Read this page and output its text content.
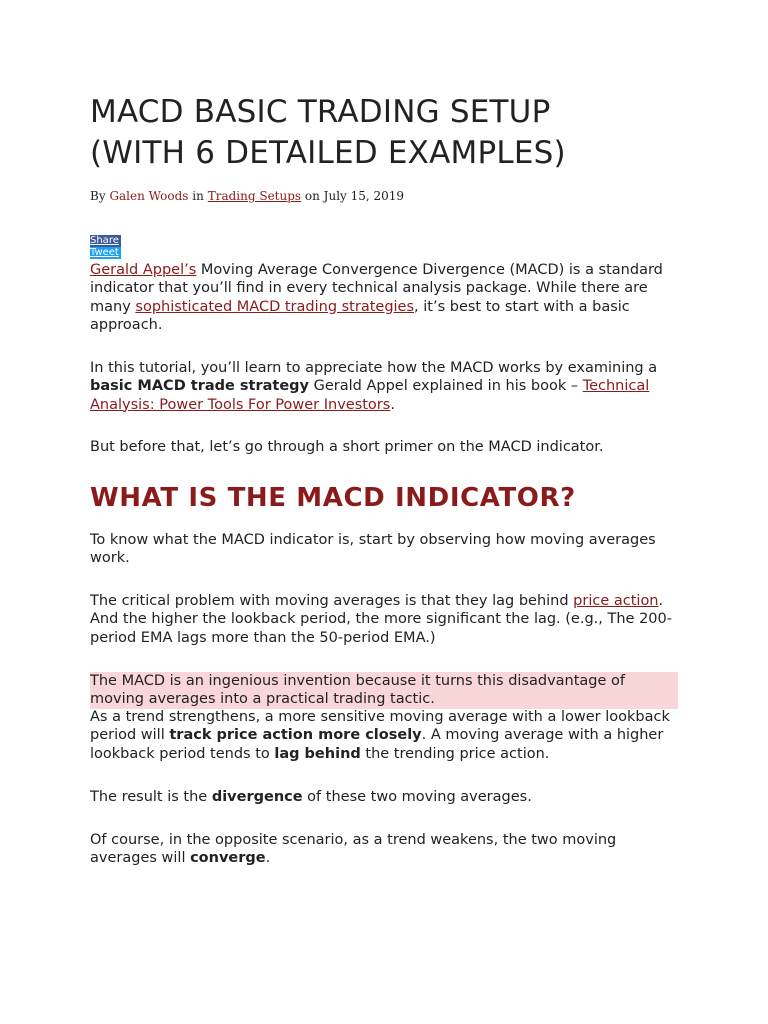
MACD BASIC TRADING SETUP
(WITH 6 DETAILED EXAMPLES)
By Galen Woods in Trading Setups on July 15, 2019
Share
Tweet

Gerald Appel’s Moving Average Convergence Divergence (MACD) is a standard indicator that you’ll find in every technical analysis package. While there are many sophisticated MACD trading strategies, it’s best to start with a basic approach.

In this tutorial, you’ll learn to appreciate how the MACD works by examining a basic MACD trade strategy Gerald Appel explained in his book – Technical Analysis: Power Tools For Power Investors.

But before that, let’s go through a short primer on the MACD indicator.

WHAT IS THE MACD INDICATOR?

To know what the MACD indicator is, start by observing how moving averages work.

The critical problem with moving averages is that they lag behind price action. And the higher the lookback period, the more significant the lag. (e.g., The 200-period EMA lags more than the 50-period EMA.)

The MACD is an ingenious invention because it turns this disadvantage of moving averages into a practical trading tactic.

As a trend strengthens, a more sensitive moving average with a lower lookback period will track price action more closely. A moving average with a higher lookback period tends to lag behind the trending price action.

The result is the divergence of these two moving averages.

Of course, in the opposite scenario, as a trend weakens, the two moving averages will converge.
